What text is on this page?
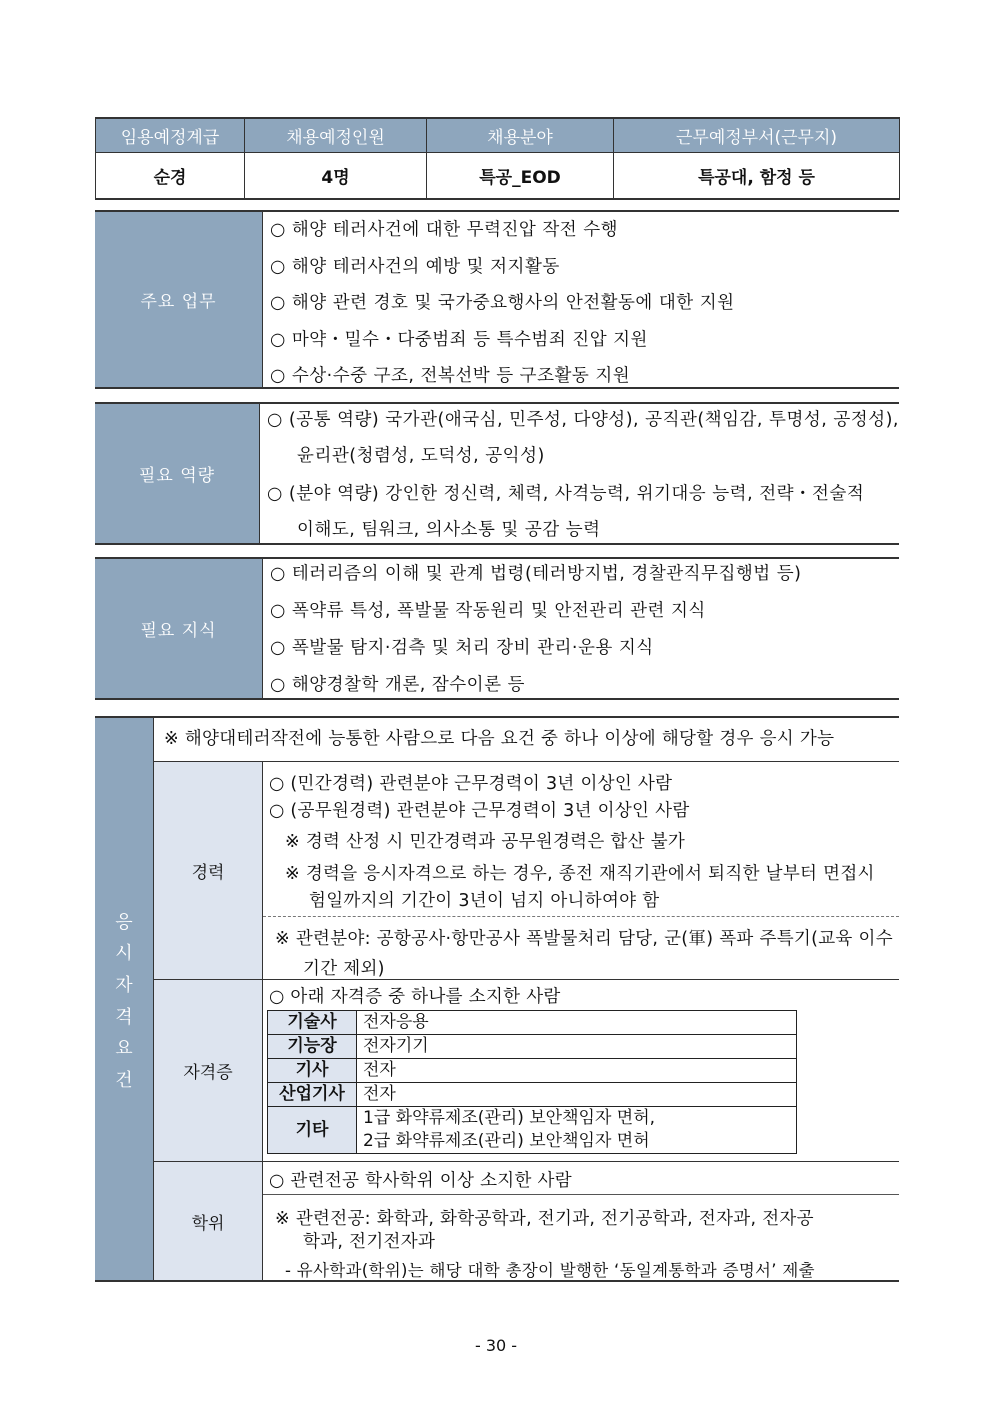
임용예정계급	채용예정인원	채용분야	근무예정부서(근무지)
순경	4명	특공_EOD	특공대, 함정 등
주요 업무
○ 해양 테러사건에 대한 무력진압 작전 수행
○ 해양 테러사건의 예방 및 저지활동
○ 해양 관련 경호 및 국가중요행사의 안전활동에 대한 지원
○ 마약・밀수・다중범죄 등 특수범죄 진압 지원
○ 수상·수중 구조, 전복선박 등 구조활동 지원
필요 역량
○ (공통 역량) 국가관(애국심, 민주성, 다양성), 공직관(책임감, 투명성, 공정성),
윤리관(청렴성, 도덕성, 공익성)
○ (분야 역량) 강인한 정신력, 체력, 사격능력, 위기대응 능력, 전략・전술적
이해도, 팀워크, 의사소통 및 공감 능력
필요 지식
○ 테러리즘의 이해 및 관계 법령(테러방지법, 경찰관직무집행법 등)
○ 폭약류 특성, 폭발물 작동원리 및 안전관리 관련 지식
○ 폭발물 탐지·검측 및 처리 장비 관리·운용 지식
○ 해양경찰학 개론, 잠수이론 등
응
시
자
격
요
건
※ 해양대테러작전에 능통한 사람으로 다음 요건 중 하나 이상에 해당할 경우 응시 가능
경력
○ (민간경력) 관련분야 근무경력이 3년 이상인 사람
○ (공무원경력) 관련분야 근무경력이 3년 이상인 사람
※ 경력 산정 시 민간경력과 공무원경력은 합산 불가
※ 경력을 응시자격으로 하는 경우, 종전 재직기관에서 퇴직한 날부터 면접시
험일까지의 기간이 3년이 넘지 아니하여야 함
※ 관련분야: 공항공사·항만공사 폭발물처리 담당, 군(軍) 폭파 주특기(교육 이수
기간 제외)
자격증
○ 아래 자격증 중 하나를 소지한 사람
기술사	전자응용
기능장	전자기기
기사	전자
산업기사	전자
기타	1급 화약류제조(관리) 보안책임자 면허,
2급 화약류제조(관리) 보안책임자 면허
학위
○ 관련전공 학사학위 이상 소지한 사람
※ 관련전공: 화학과, 화학공학과, 전기과, 전기공학과, 전자과, 전자공
학과, 전기전자과
- 유사학과(학위)는 해당 대학 총장이 발행한 ‘동일계통학과 증명서’ 제출
- 30 -
